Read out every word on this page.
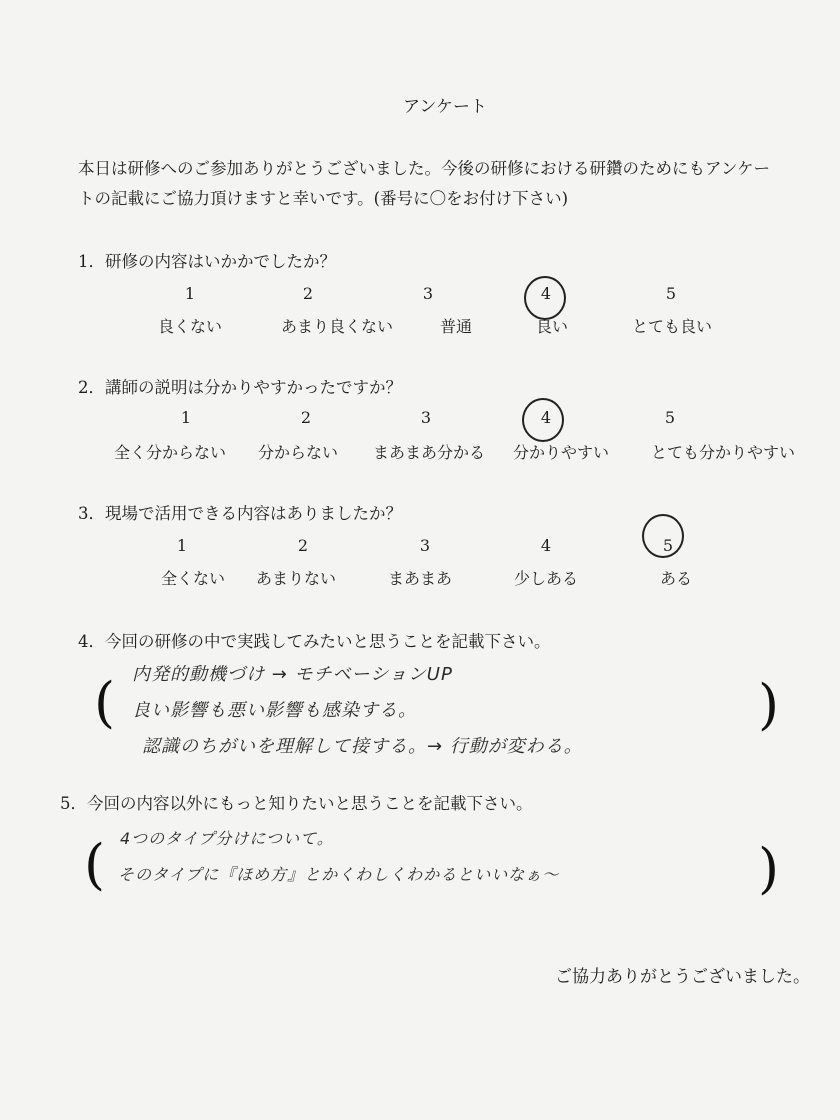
アンケート
本日は研修へのご参加ありがとうございました。今後の研修における研鑽のためにもアンケートの記載にご協力頂けますと幸いです。(番号に〇をお付け下さい)
1．研修の内容はいかかでしたか？
1	2	3	4	5
良くない	あまり良くない	普通	良い	とても良い
2．講師の説明は分かりやすかったですか？
1	2	3	4	5
全く分からない	分からない	まあまあ分かる	分かりやすい	とても分かりやすい
3．現場で活用できる内容はありましたか？
1	2	3	4	5
全くない	あまりない	まあまあ	少しある	ある
4．今回の研修の中で実践してみたいと思うことを記載下さい。
(	)
内発的動機づけ → モチベーションUP
良い影響も悪い影響も感染する。
認識のちがいを理解して接する。→ 行動が変わる。
5．今回の内容以外にもっと知りたいと思うことを記載下さい。
(	)
4つのタイプ分けについて。
そのタイプに『ほめ方』とかくわしくわかるといいなぁ〜
ご協力ありがとうございました。
